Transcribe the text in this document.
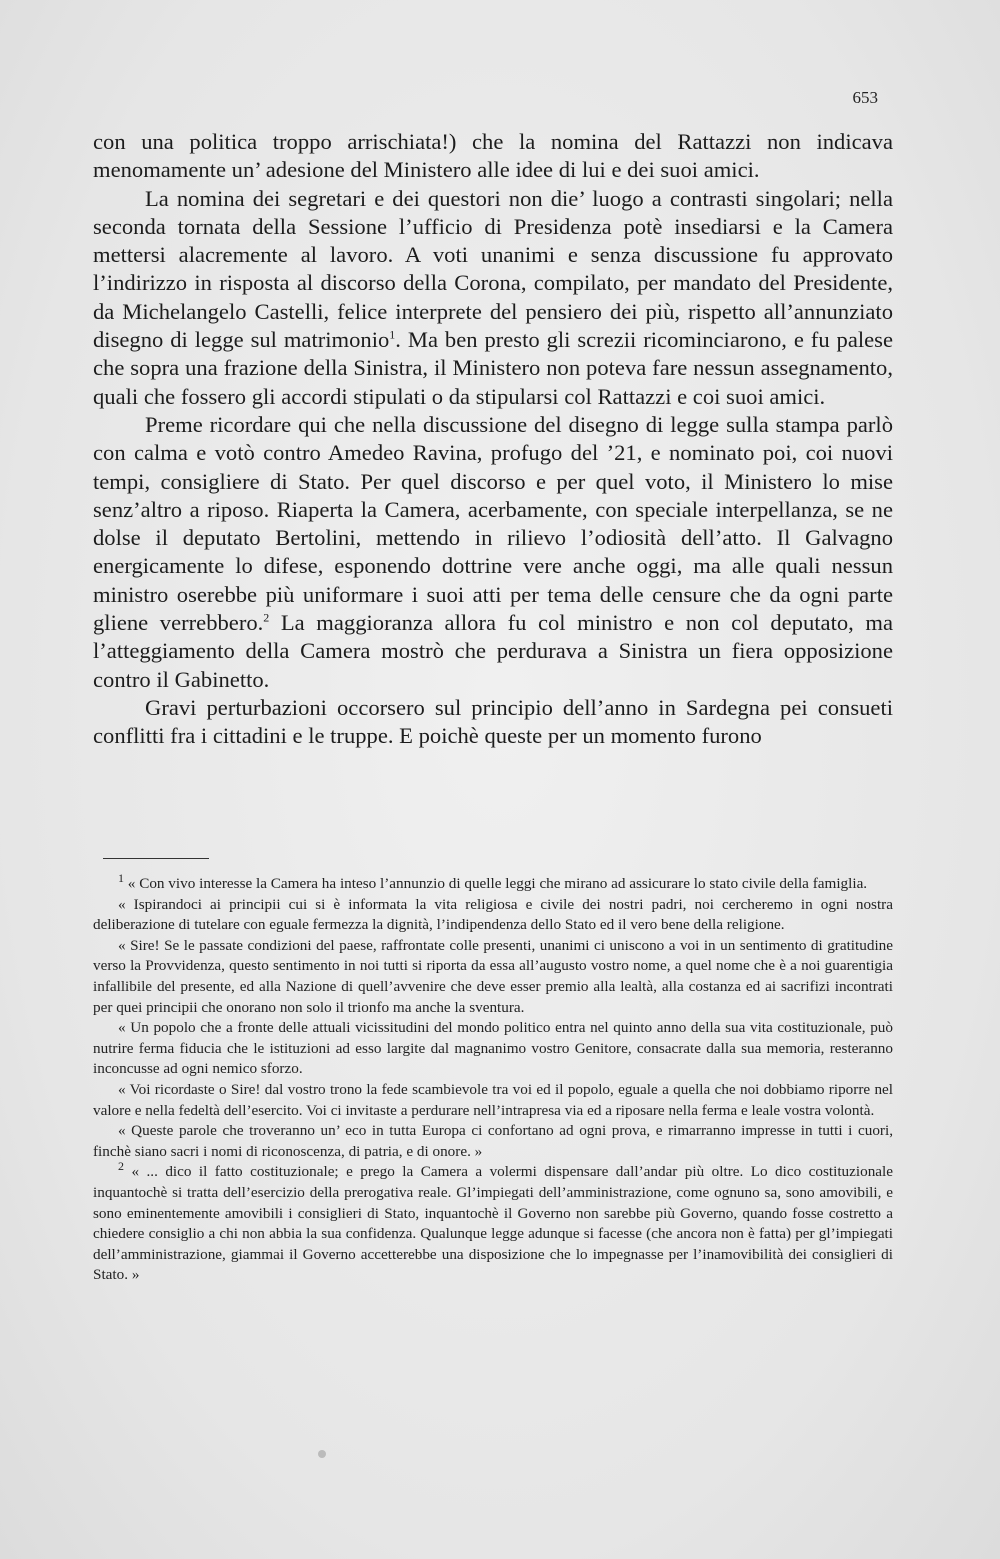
653

con una politica troppo arrischiata!) che la nomina del Rattazzi non indicava menomamente un’ adesione del Ministero alle idee di lui e dei suoi amici.

La nomina dei segretari e dei questori non die’ luogo a contrasti singolari; nella seconda tornata della Sessione l’ufficio di Presidenza potè insediarsi e la Camera mettersi alacremente al lavoro. A voti unanimi e senza discussione fu approvato l’indirizzo in risposta al discorso della Corona, compilato, per mandato del Presidente, da Michelangelo Castelli, felice interprete del pensiero dei più, rispetto all’annunziato disegno di legge sul matrimonio$^1$. Ma ben presto gli screzii ricominciarono, e fu palese che sopra una frazione della Sinistra, il Ministero non poteva fare nessun assegnamento, quali che fossero gli accordi stipulati o da stipularsi col Rattazzi e coi suoi amici.

Preme ricordare qui che nella discussione del disegno di legge sulla stampa parlò con calma e votò contro Amedeo Ravina, profugo del ’21, e nominato poi, coi nuovi tempi, consigliere di Stato. Per quel discorso e per quel voto, il Ministero lo mise senz’altro a riposo. Riaperta la Camera, acerbamente, con speciale interpellanza, se ne dolse il deputato Bertolini, mettendo in rilievo l’odiosità dell’atto. Il Galvagno energicamente lo difese, esponendo dottrine vere anche oggi, ma alle quali nessun ministro oserebbe più uniformare i suoi atti per tema delle censure che da ogni parte gliene verrebbero.$^2$ La maggioranza allora fu col ministro e non col deputato, ma l’atteggiamento della Camera mostrò che perdurava a Sinistra un fiera opposizione contro il Gabinetto.

Gravi perturbazioni occorsero sul principio dell’anno in Sardegna pei consueti conflitti fra i cittadini e le truppe. E poichè queste per un momento furono

$^1$ « Con vivo interesse la Camera ha inteso l’annunzio di quelle leggi che mirano ad assicurare lo stato civile della famiglia.

« Ispirandoci ai principii cui si è informata la vita religiosa e civile dei nostri padri, noi cercheremo in ogni nostra deliberazione di tutelare con eguale fermezza la dignità, l’indipendenza dello Stato ed il vero bene della religione.

« Sire! Se le passate condizioni del paese, raffrontate colle presenti, unanimi ci uniscono a voi in un sentimento di gratitudine verso la Provvidenza, questo sentimento in noi tutti si riporta da essa all’augusto vostro nome, a quel nome che è a noi guarentigia infallibile del presente, ed alla Nazione di quell’avvenire che deve esser premio alla lealtà, alla costanza ed ai sacrifizi incontrati per quei principii che onorano non solo il trionfo ma anche la sventura.

« Un popolo che a fronte delle attuali vicissitudini del mondo politico entra nel quinto anno della sua vita costituzionale, può nutrire ferma fiducia che le istituzioni ad esso largite dal magnanimo vostro Genitore, consacrate dalla sua memoria, resteranno inconcusse ad ogni nemico sforzo.

« Voi ricordaste o Sire! dal vostro trono la fede scambievole tra voi ed il popolo, eguale a quella che noi dobbiamo riporre nel valore e nella fedeltà dell’esercito. Voi ci invitaste a perdurare nell’intrapresa via ed a riposare nella ferma e leale vostra volontà.

« Queste parole che troveranno un’ eco in tutta Europa ci confortano ad ogni prova, e rimarranno impresse in tutti i cuori, finchè siano sacri i nomi di riconoscenza, di patria, e di onore. »

$^2$ « ... dico il fatto costituzionale; e prego la Camera a volermi dispensare dall’andar più oltre. Lo dico costituzionale inquantochè si tratta dell’esercizio della prerogativa reale. Gl’impiegati dell’amministrazione, come ognuno sa, sono amovibili, e sono eminentemente amovibili i consiglieri di Stato, inquantochè il Governo non sarebbe più Governo, quando fosse costretto a chiedere consiglio a chi non abbia la sua confidenza. Qualunque legge adunque si facesse (che ancora non è fatta) per gl’impiegati dell’amministrazione, giammai il Governo accetterebbe una disposizione che lo impegnasse per l’inamovibilità dei consiglieri di Stato. »
